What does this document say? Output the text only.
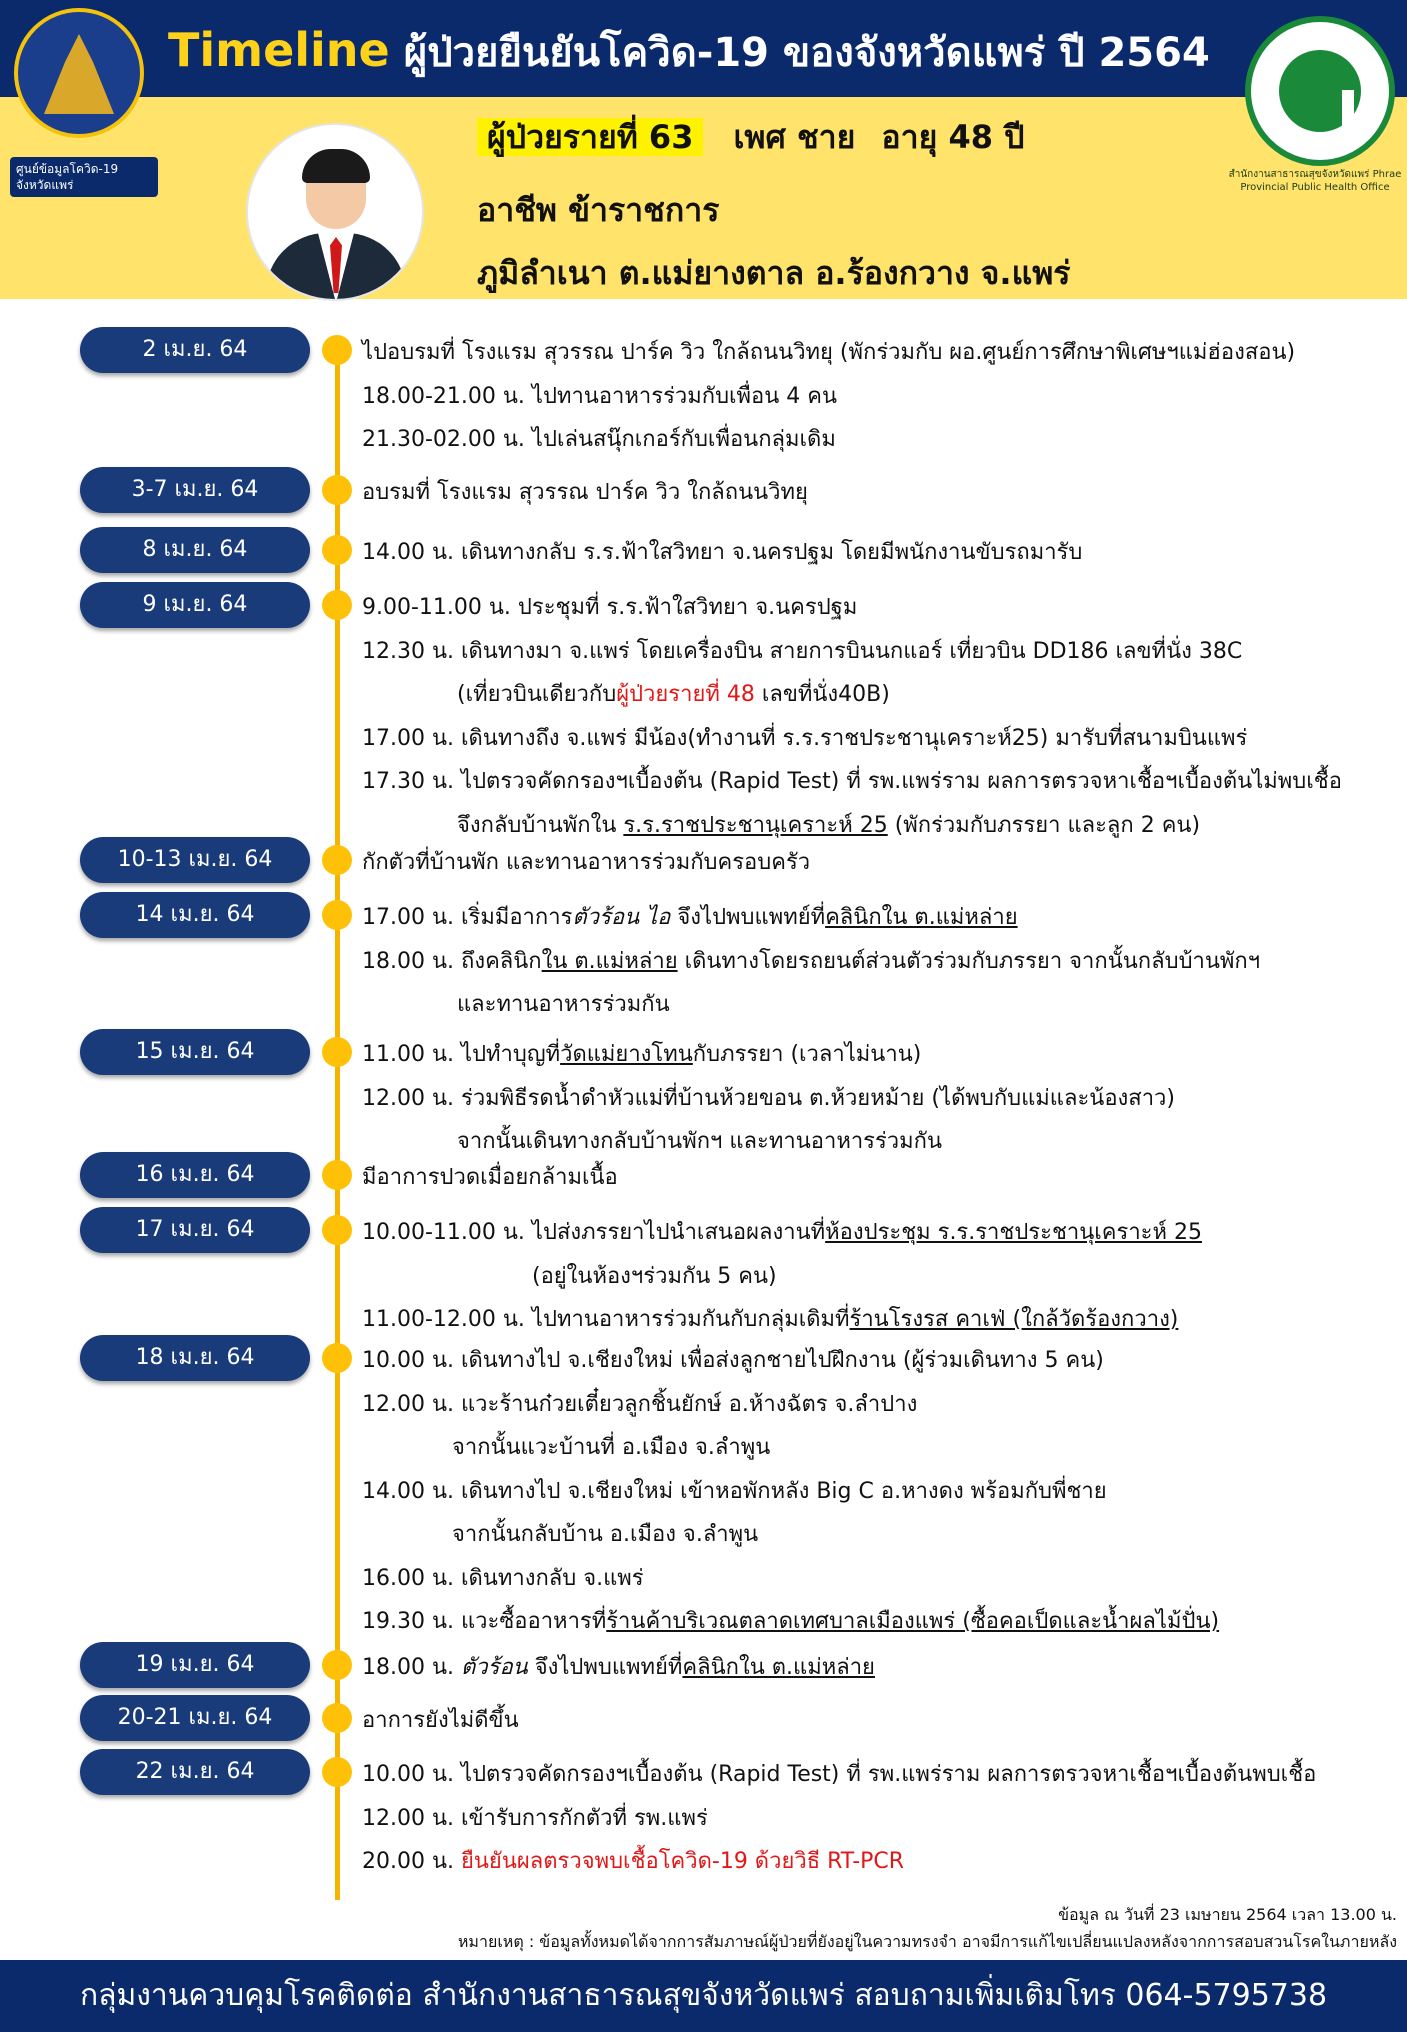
Timeline ผู้ป่วยยืนยันโควิด-19 ของจังหวัดแพร่ ปี 2564
ศูนย์ข้อมูลโควิด-19 จังหวัดแพร่
สำนักงานสาธารณสุขจังหวัดแพร่ Phrae Provincial Public Health Office
ผู้ป่วยรายที่ 63 เพศ ชาย อายุ 48 ปี
อาชีพ ข้าราชการ
ภูมิลำเนา ต.แม่ยางตาล อ.ร้องกวาง จ.แพร่
2 เม.ย. 64	ไปอบรมที่ โรงแรม สุวรรณ ปาร์ค วิว ใกล้ถนนวิทยุ (พักร่วมกับ ผอ.ศูนย์การศึกษาพิเศษฯแม่ฮ่องสอน)
18.00-21.00 น. ไปทานอาหารร่วมกับเพื่อน 4 คน
21.30-02.00 น. ไปเล่นสนุ๊กเกอร์กับเพื่อนกลุ่มเดิม
3-7 เม.ย. 64	อบรมที่ โรงแรม สุวรรณ ปาร์ค วิว ใกล้ถนนวิทยุ
8 เม.ย. 64	14.00 น. เดินทางกลับ ร.ร.ฟ้าใสวิทยา จ.นครปฐม โดยมีพนักงานขับรถมารับ
9 เม.ย. 64	9.00-11.00 น. ประชุมที่ ร.ร.ฟ้าใสวิทยา จ.นครปฐม
12.30 น. เดินทางมา จ.แพร่ โดยเครื่องบิน สายการบินนกแอร์ เที่ยวบิน DD186 เลขที่นั่ง 38C
(เที่ยวบินเดียวกับผู้ป่วยรายที่ 48 เลขที่นั่ง40B)
17.00 น. เดินทางถึง จ.แพร่ มีน้อง(ทำงานที่ ร.ร.ราชประชานุเคราะห์25) มารับที่สนามบินแพร่
17.30 น. ไปตรวจคัดกรองฯเบื้องต้น (Rapid Test) ที่ รพ.แพร่ราม ผลการตรวจหาเชื้อฯเบื้องต้นไม่พบเชื้อ
จึงกลับบ้านพักใน ร.ร.ราชประชานุเคราะห์ 25 (พักร่วมกับภรรยา และลูก 2 คน)
10-13 เม.ย. 64	กักตัวที่บ้านพัก และทานอาหารร่วมกับครอบครัว
14 เม.ย. 64	17.00 น. เริ่มมีอาการตัวร้อน ไอ จึงไปพบแพทย์ที่คลินิกใน ต.แม่หล่าย
18.00 น. ถึงคลินิกใน ต.แม่หล่าย เดินทางโดยรถยนต์ส่วนตัวร่วมกับภรรยา จากนั้นกลับบ้านพักฯ
และทานอาหารร่วมกัน
15 เม.ย. 64	11.00 น. ไปทำบุญที่วัดแม่ยางโทนกับภรรยา (เวลาไม่นาน)
12.00 น. ร่วมพิธีรดน้ำดำหัวแม่ที่บ้านห้วยขอน ต.ห้วยหม้าย (ได้พบกับแม่และน้องสาว)
จากนั้นเดินทางกลับบ้านพักฯ และทานอาหารร่วมกัน
16 เม.ย. 64	มีอาการปวดเมื่อยกล้ามเนื้อ
17 เม.ย. 64	10.00-11.00 น. ไปส่งภรรยาไปนำเสนอผลงานที่ห้องประชุม ร.ร.ราชประชานุเคราะห์ 25
(อยู่ในห้องฯร่วมกัน 5 คน)
11.00-12.00 น. ไปทานอาหารร่วมกันกับกลุ่มเดิมที่ร้านโรงรส คาเฟ่ (ใกล้วัดร้องกวาง)
18 เม.ย. 64	10.00 น. เดินทางไป จ.เชียงใหม่ เพื่อส่งลูกชายไปฝึกงาน (ผู้ร่วมเดินทาง 5 คน)
12.00 น. แวะร้านก๋วยเตี๋ยวลูกชิ้นยักษ์ อ.ห้างฉัตร จ.ลำปาง
จากนั้นแวะบ้านที่ อ.เมือง จ.ลำพูน
14.00 น. เดินทางไป จ.เชียงใหม่ เข้าหอพักหลัง Big C อ.หางดง พร้อมกับพี่ชาย
จากนั้นกลับบ้าน อ.เมือง จ.ลำพูน
16.00 น. เดินทางกลับ จ.แพร่
19.30 น. แวะซื้ออาหารที่ร้านค้าบริเวณตลาดเทศบาลเมืองแพร่ (ซื้อคอเป็ดและน้ำผลไม้ปั่น)
19 เม.ย. 64	18.00 น. ตัวร้อน จึงไปพบแพทย์ที่คลินิกใน ต.แม่หล่าย
20-21 เม.ย. 64	อาการยังไม่ดีขึ้น
22 เม.ย. 64	10.00 น. ไปตรวจคัดกรองฯเบื้องต้น (Rapid Test) ที่ รพ.แพร่ราม ผลการตรวจหาเชื้อฯเบื้องต้นพบเชื้อ
12.00 น. เข้ารับการกักตัวที่ รพ.แพร่
20.00 น. ยืนยันผลตรวจพบเชื้อโควิด-19 ด้วยวิธี RT-PCR
ข้อมูล ณ วันที่ 23 เมษายน 2564 เวลา 13.00 น.
หมายเหตุ : ข้อมูลทั้งหมดได้จากการสัมภาษณ์ผู้ป่วยที่ยังอยู่ในความทรงจำ อาจมีการแก้ไขเปลี่ยนแปลงหลังจากการสอบสวนโรคในภายหลัง
กลุ่มงานควบคุมโรคติดต่อ สำนักงานสาธารณสุขจังหวัดแพร่ สอบถามเพิ่มเติมโทร 064-5795738
